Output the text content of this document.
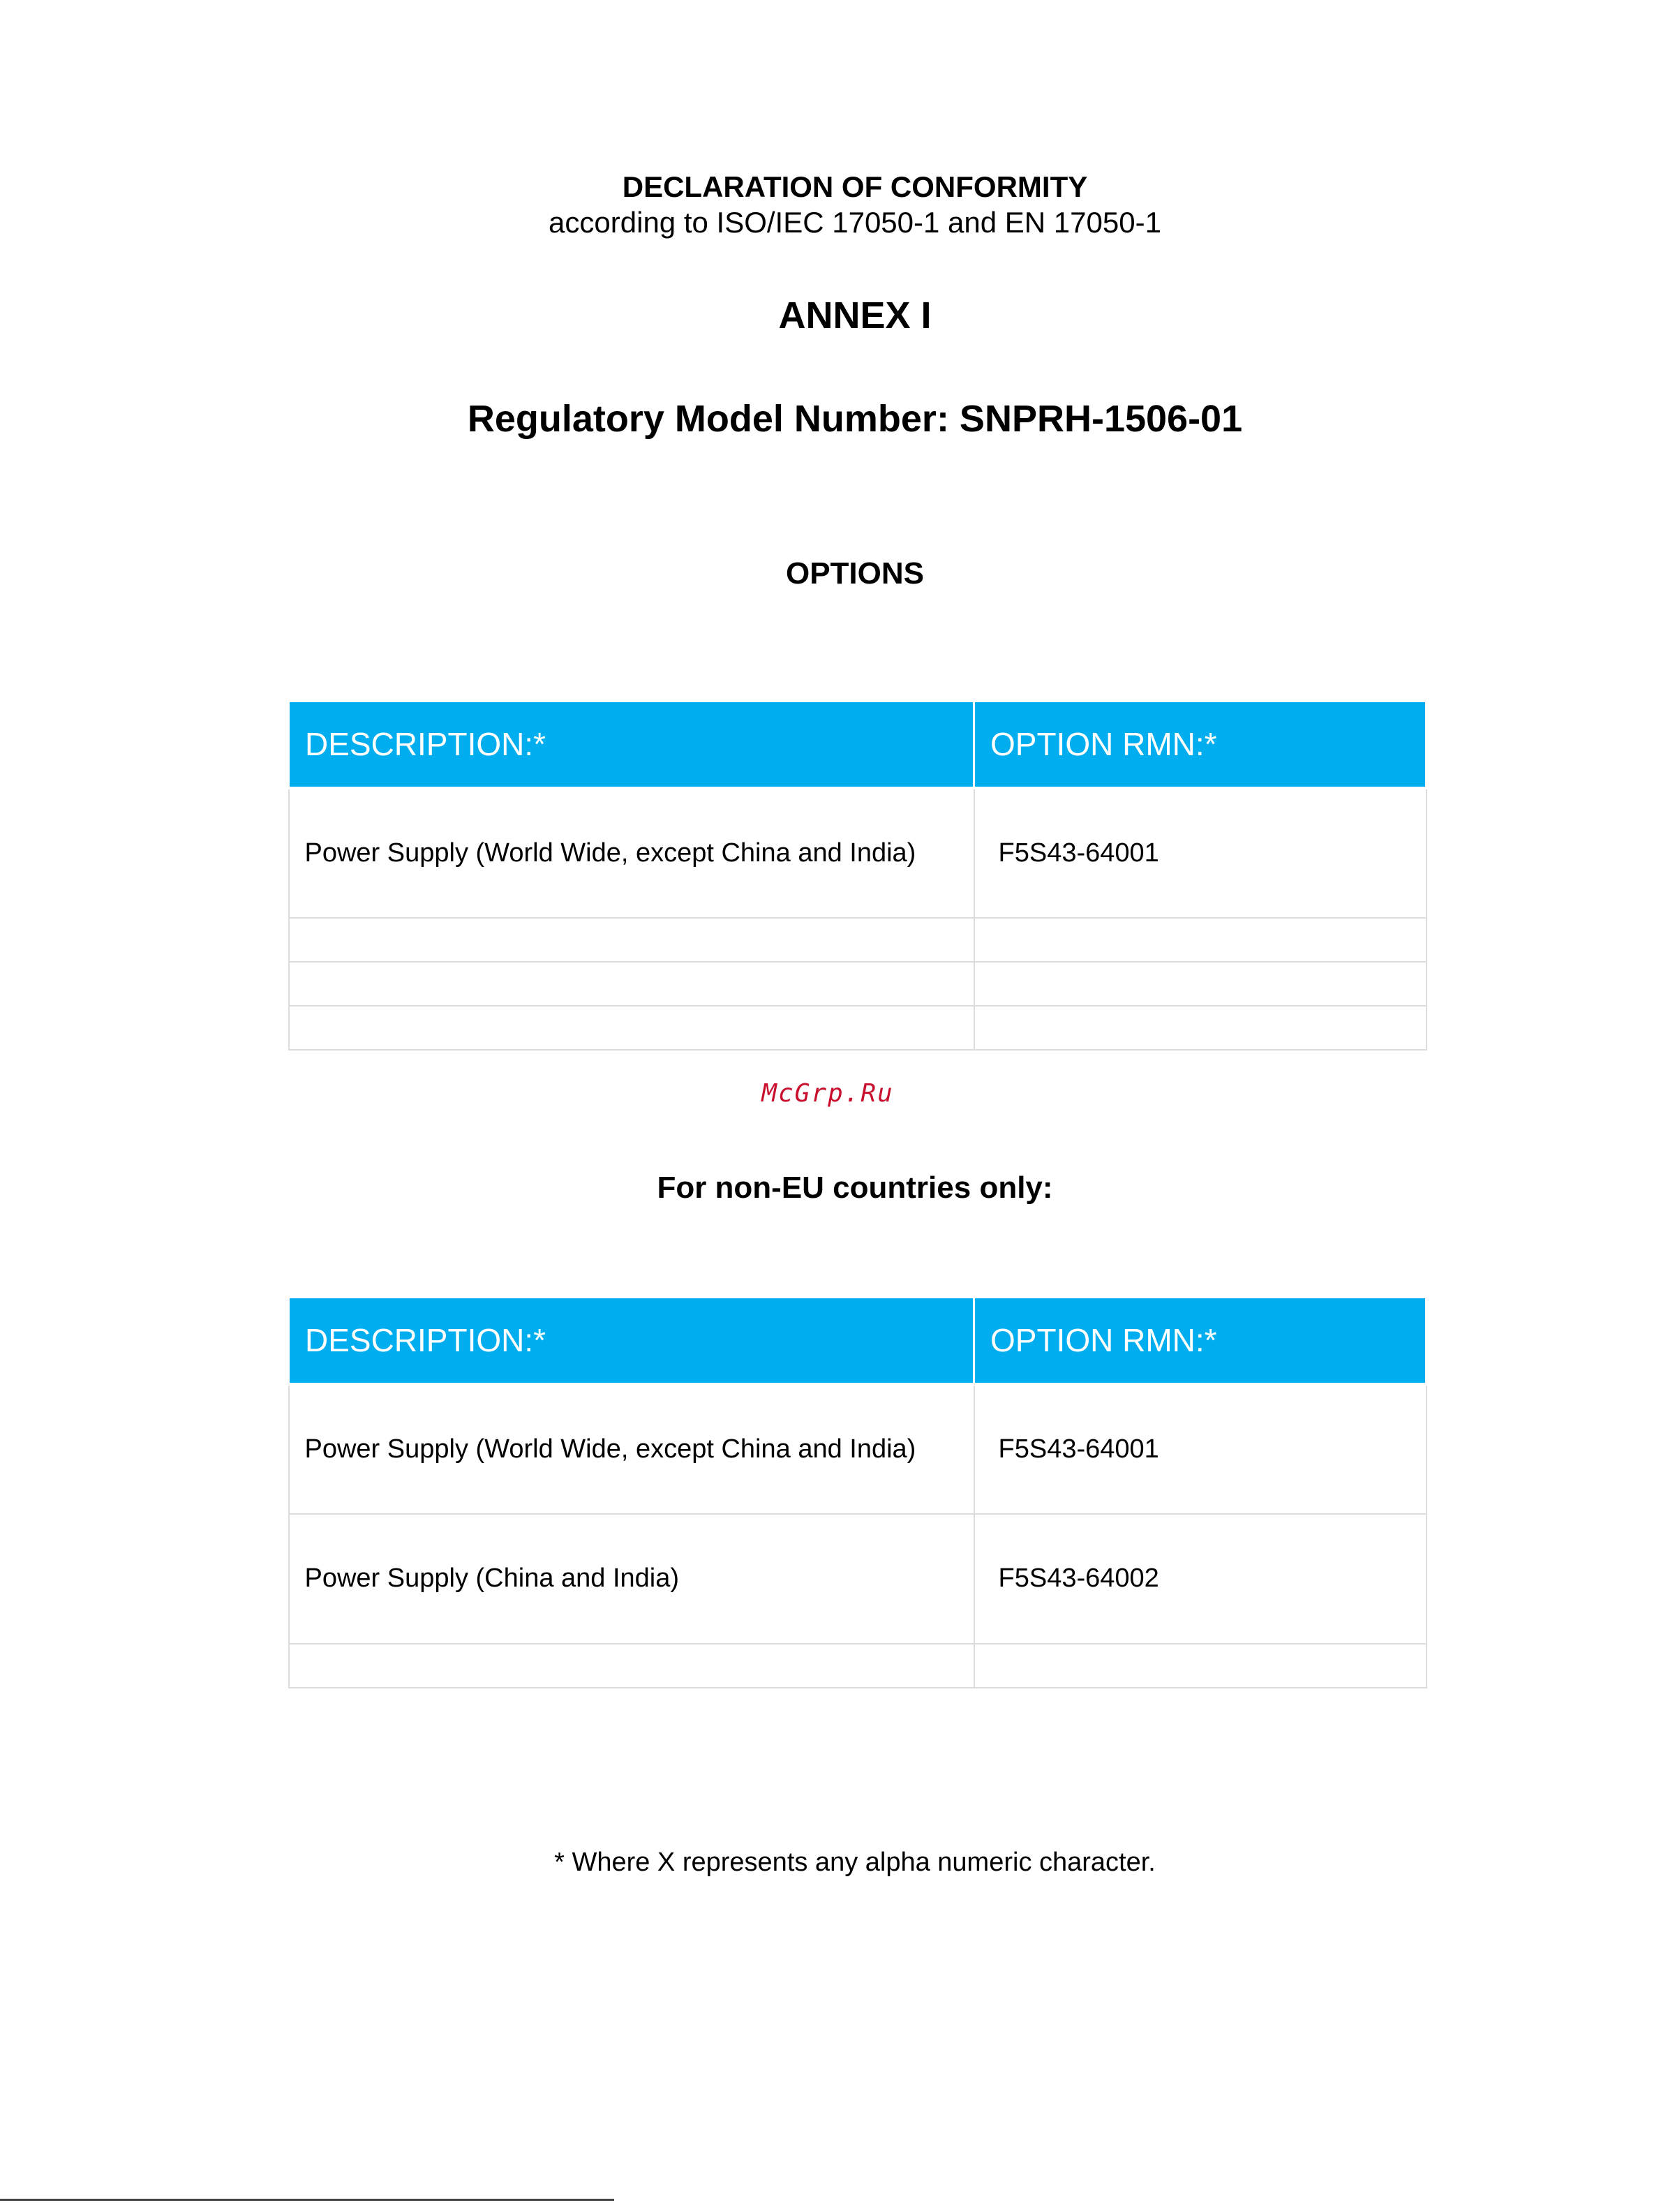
DECLARATION OF CONFORMITY
according to ISO/IEC 17050-1 and EN 17050-1
ANNEX I
Regulatory Model Number: SNPRH-1506-01
OPTIONS
DESCRIPTION:*	OPTION RMN:*
Power Supply (World Wide, except China and India)	F5S43-64001

McGrp.Ru
For non-EU countries only:
DESCRIPTION:*	OPTION RMN:*
Power Supply (World Wide, except China and India)	F5S43-64001
Power Supply (China and India)	F5S43-64002

* Where X represents any alpha numeric character.
